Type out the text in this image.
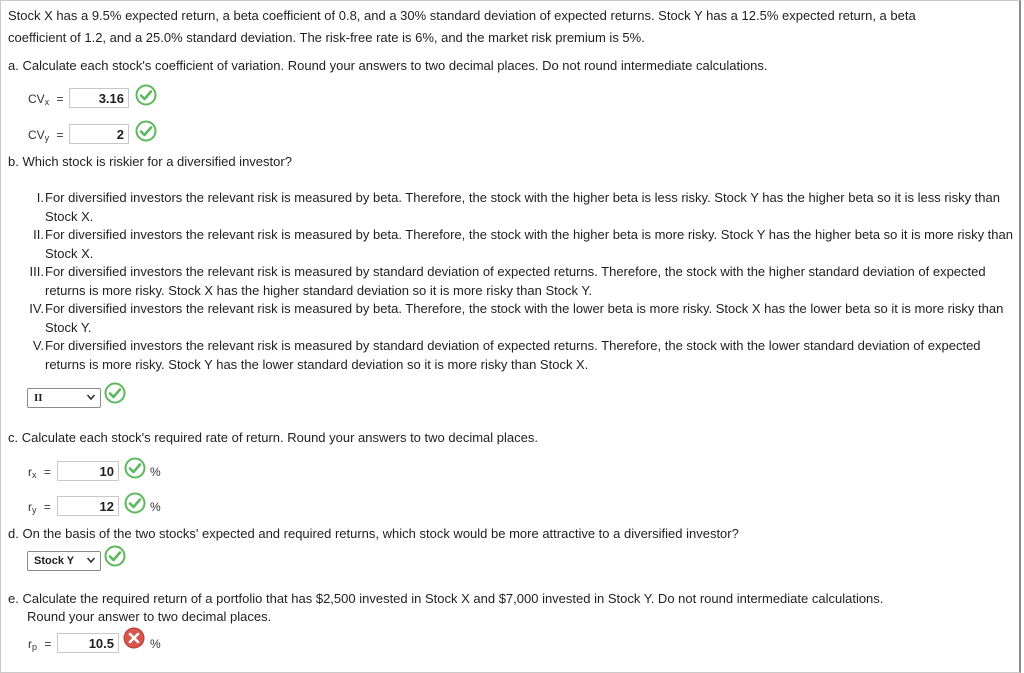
Stock X has a 9.5% expected return, a beta coefficient of 0.8, and a 30% standard deviation of expected returns. Stock Y has a 12.5% expected return, a beta
coefficient of 1.2, and a 25.0% standard deviation. The risk-free rate is 6%, and the market risk premium is 5%.
a. Calculate each stock's coefficient of variation. Round your answers to two decimal places. Do not round intermediate calculations.
$CV_x$ =	3.16
$CV_y$ =	2
b. Which stock is riskier for a diversified investor?
I. For diversified investors the relevant risk is measured by beta. Therefore, the stock with the higher beta is less risky. Stock Y has the higher beta so it is less risky than Stock X.
II. For diversified investors the relevant risk is measured by beta. Therefore, the stock with the higher beta is more risky. Stock Y has the higher beta so it is more risky than Stock X.
III. For diversified investors the relevant risk is measured by standard deviation of expected returns. Therefore, the stock with the higher standard deviation of expected returns is more risky. Stock X has the higher standard deviation so it is more risky than Stock Y.
IV. For diversified investors the relevant risk is measured by beta. Therefore, the stock with the lower beta is more risky. Stock X has the lower beta so it is more risky than Stock Y.
V. For diversified investors the relevant risk is measured by standard deviation of expected returns. Therefore, the stock with the lower standard deviation of expected returns is more risky. Stock Y has the lower standard deviation so it is more risky than Stock X.
II
c. Calculate each stock's required rate of return. Round your answers to two decimal places.
$r_x$ =	10	%
$r_y$ =	12	%
d. On the basis of the two stocks' expected and required returns, which stock would be more attractive to a diversified investor?
Stock Y
e. Calculate the required return of a portfolio that has $2,500 invested in Stock X and $7,000 invested in Stock Y. Do not round intermediate calculations.
Round your answer to two decimal places.
$r_p$ =	10.5	%
